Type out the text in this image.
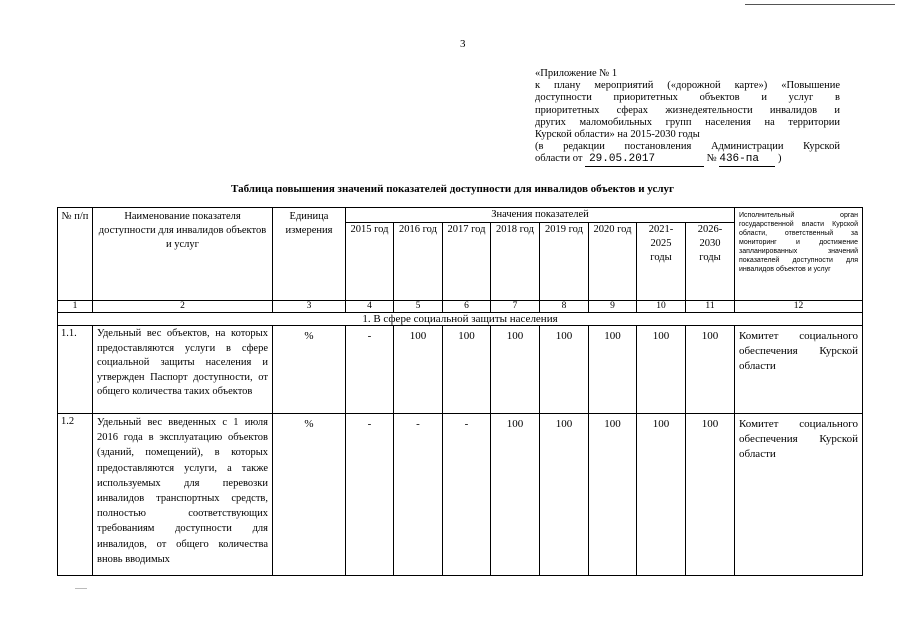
3
«Приложение № 1
к плану мероприятий («дорожной карте») «Повышение
доступности приоритетных объектов и услуг в
приоритетных сферах жизнедеятельности инвалидов и
других маломобильных групп населения на территории
Курской области» на 2015-2030 годы
(в редакции постановления Администрации Курской
области от 29.05.2017	№ 436-па )
Таблица повышения значений показателей доступности для инвалидов объектов и услуг
№ п/п	Наименование показателя доступности для инвалидов объектов и услуг	Единица измерения	Значения показателей								Исполнительный орган государственной власти Курской области, ответственный за мониторинг и достижение запланированных значений показателей доступности для инвалидов объектов и услуг
			2015 год	2016 год	2017 год	2018 год	2019 год	2020 год	2021-2025 годы	2026-2030 годы	
1	2	3	4	5	6	7	8	9	10	11	12
1. В сфере социальной защиты населения											
1.1.	Удельный вес объектов, на которых предоставляются услуги в сфере социальной защиты населения и утвержден Паспорт доступности, от общего количества таких объектов	%	-	100	100	100	100	100	100	100	Комитет социального обеспечения Курской области
1.2	Удельный вес введенных с 1 июля 2016 года в эксплуатацию объектов (зданий, помещений), в которых предоставляются услуги, а также используемых для перевозки инвалидов транспортных средств, полностью соответствующих требованиям доступности для инвалидов, от общего количества вновь вводимых	%	-	-	-	100	100	100	100	100	Комитет социального обеспечения Курской области
